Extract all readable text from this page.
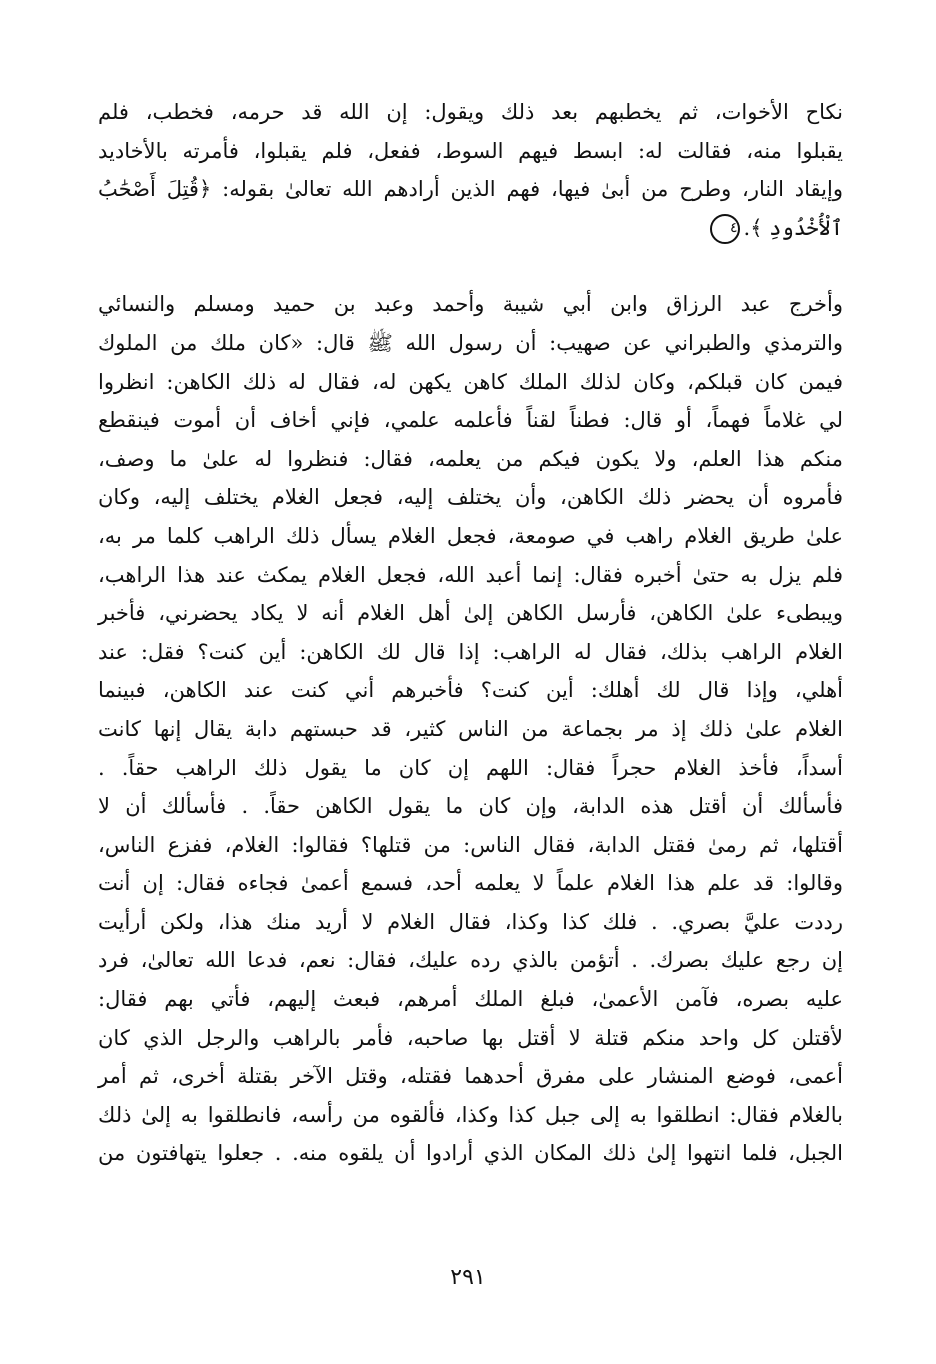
نكاح الأخوات، ثم يخطبهم بعد ذلك ويقول: إن الله قد حرمه، فخطب، فلم
يقبلوا منه، فقالت له: ابسط فيهم السوط، ففعل، فلم يقبلوا، فأمرته بالأخاديد
وإيقاد النار، وطرح من أبىٰ فيها، فهم الذين أرادهم الله تعالىٰ بقوله: ﴿قُتِلَ أَصْحَٰبُ
ٱلْأُخْدُودِ ﴾.٤
وأخرج عبد الرزاق وابن أبي شيبة وأحمد وعبد بن حميد ومسلم والنسائي
والترمذي والطبراني عن صهيب: أن رسول الله ﷺ قال: «كان ملك من الملوك
فيمن كان قبلكم، وكان لذلك الملك كاهن يكهن له، فقال له ذلك الكاهن: انظروا
لي غلاماً فهماً، أو قال: فطناً لقناً فأعلمه علمي، فإني أخاف أن أموت فينقطع
منكم هذا العلم، ولا يكون فيكم من يعلمه، فقال: فنظروا له علىٰ ما وصف،
فأمروه أن يحضر ذلك الكاهن، وأن يختلف إليه، فجعل الغلام يختلف إليه، وكان
علىٰ طريق الغلام راهب في صومعة، فجعل الغلام يسأل ذلك الراهب كلما مر به،
فلم يزل به حتىٰ أخبره فقال: إنما أعبد الله، فجعل الغلام يمكث عند هذا الراهب،
ويبطىء علىٰ الكاهن، فأرسل الكاهن إلىٰ أهل الغلام أنه لا يكاد يحضرني، فأخبر
الغلام الراهب بذلك، فقال له الراهب: إذا قال لك الكاهن: أين كنت؟ فقل: عند
أهلي، وإذا قال لك أهلك: أين كنت؟ فأخبرهم أني كنت عند الكاهن، فبينما
الغلام علىٰ ذلك إذ مر بجماعة من الناس كثير، قد حبستهم دابة يقال إنها كانت
أسداً، فأخذ الغلام حجراً فقال: اللهم إن كان ما يقول ذلك الراهب حقاً. .
فأسألك أن أقتل هذه الدابة، وإن كان ما يقول الكاهن حقاً. . فأسألك أن لا
أقتلها، ثم رمىٰ فقتل الدابة، فقال الناس: من قتلها؟ فقالوا: الغلام، ففزع الناس،
وقالوا: قد علم هذا الغلام علماً لا يعلمه أحد، فسمع أعمىٰ فجاءه فقال: إن أنت
رددت عليَّ بصري. . فلك كذا وكذا، فقال الغلام لا أريد منك هذا، ولكن أرأيت
إن رجع عليك بصرك. . أتؤمن بالذي رده عليك، فقال: نعم، فدعا الله تعالىٰ، فرد
عليه بصره، فآمن الأعمىٰ، فبلغ الملك أمرهم، فبعث إليهم، فأتي بهم فقال:
لأقتلن كل واحد منكم قتلة لا أقتل بها صاحبه، فأمر بالراهب والرجل الذي كان
أعمى، فوضع المنشار على مفرق أحدهما فقتله، وقتل الآخر بقتلة أخرى، ثم أمر
بالغلام فقال: انطلقوا به إلى جبل كذا وكذا، فألقوه من رأسه، فانطلقوا به إلىٰ ذلك
الجبل، فلما انتهوا إلىٰ ذلك المكان الذي أرادوا أن يلقوه منه. . جعلوا يتهافتون من
٢٩١
